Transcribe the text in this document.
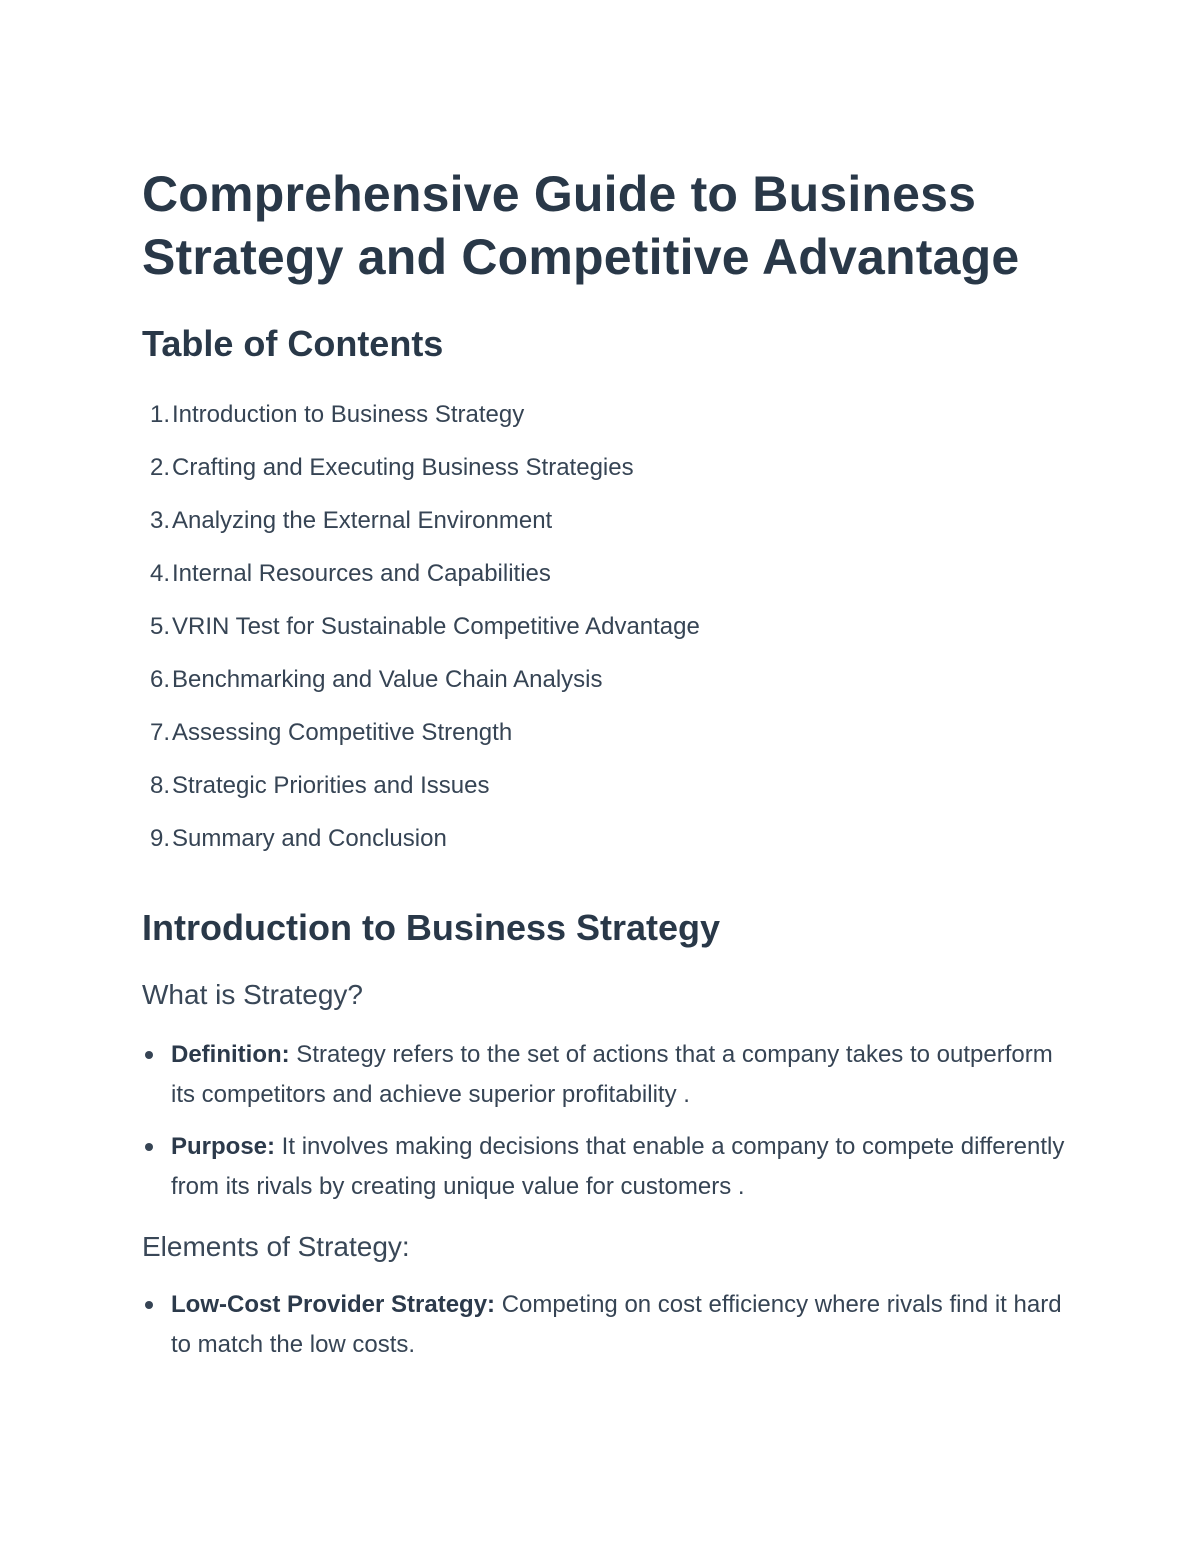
Comprehensive Guide to Business
Strategy and Competitive Advantage
Table of Contents
1. Introduction to Business Strategy
2. Crafting and Executing Business Strategies
3. Analyzing the External Environment
4. Internal Resources and Capabilities
5. VRIN Test for Sustainable Competitive Advantage
6. Benchmarking and Value Chain Analysis
7. Assessing Competitive Strength
8. Strategic Priorities and Issues
9. Summary and Conclusion
Introduction to Business Strategy
What is Strategy?
Definition: Strategy refers to the set of actions that a company takes to outperform its competitors and achieve superior profitability .
Purpose: It involves making decisions that enable a company to compete differently from its rivals by creating unique value for customers .
Elements of Strategy:
Low-Cost Provider Strategy: Competing on cost efficiency where rivals find it hard to match the low costs.
